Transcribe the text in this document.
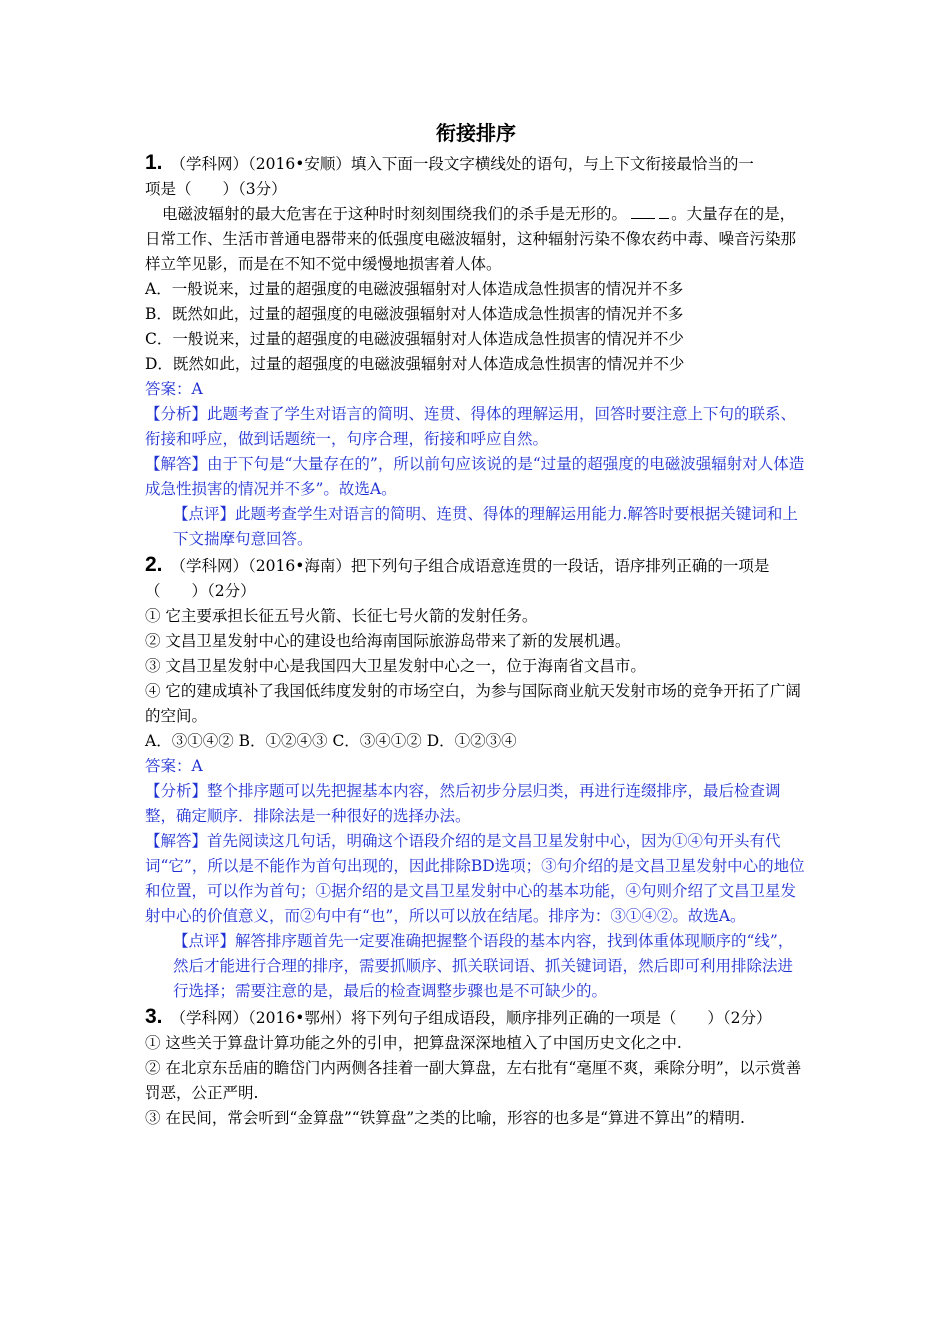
衔接排序

1. （学科网）（2016•安顺）填入下面一段文字横线处的语句，与上下文衔接最恰当的一

项是（　　）（3分）

电磁波辐射的最大危害在于这种时时刻刻围绕我们的杀手是无形的。	。大量存在的是，日常工作、生活市普通电器带来的低强度电磁波辐射，这种辐射污染不像农药中毒、噪音污染那样立竿见影，而是在不知不觉中缓慢地损害着人体。

A．一般说来，过量的超强度的电磁波强辐射对人体造成急性损害的情况并不多

B．既然如此，过量的超强度的电磁波强辐射对人体造成急性损害的情况并不多

C．一般说来，过量的超强度的电磁波强辐射对人体造成急性损害的情况并不少

D．既然如此，过量的超强度的电磁波强辐射对人体造成急性损害的情况并不少

答案：A

【分析】此题考查了学生对语言的简明、连贯、得体的理解运用，回答时要注意上下句的联系、衔接和呼应，做到话题统一，句序合理，衔接和呼应自然。

【解答】由于下句是“大量存在的”，所以前句应该说的是“过量的超强度的电磁波强辐射对人体造成急性损害的情况并不多”。故选A。

【点评】此题考查学生对语言的简明、连贯、得体的理解运用能力.解答时要根据关键词和上下文揣摩句意回答。

2. （学科网）（2016•海南）把下列句子组合成语意连贯的一段话，语序排列正确的一项是（　　）（2分）

① 它主要承担长征五号火箭、长征七号火箭的发射任务。

② 文昌卫星发射中心的建设也给海南国际旅游岛带来了新的发展机遇。

③ 文昌卫星发射中心是我国四大卫星发射中心之一，位于海南省文昌市。

④ 它的建成填补了我国低纬度发射的市场空白，为参与国际商业航天发射市场的竞争开拓了广阔的空间。

A．③①④② B．①②④③ C．③④①② D．①②③④

答案：A

【分析】整个排序题可以先把握基本内容，然后初步分层归类，再进行连缀排序，最后检查调整，确定顺序．排除法是一种很好的选择办法。

【解答】首先阅读这几句话，明确这个语段介绍的是文昌卫星发射中心，因为①④句开头有代词“它”，所以是不能作为首句出现的，因此排除BD选项；③句介绍的是文昌卫星发射中心的地位和位置，可以作为首句；①据介绍的是文昌卫星发射中心的基本功能，④句则介绍了文昌卫星发射中心的价值意义，而②句中有“也”，所以可以放在结尾。排序为：③①④②。故选A。

【点评】解答排序题首先一定要准确把握整个语段的基本内容，找到体重体现顺序的“线”，然后才能进行合理的排序，需要抓顺序、抓关联词语、抓关键词语，然后即可利用排除法进行选择；需要注意的是，最后的检查调整步骤也是不可缺少的。

3. （学科网）（2016•鄂州）将下列句子组成语段，顺序排列正确的一项是（　　）（2分）

① 这些关于算盘计算功能之外的引申，把算盘深深地植入了中国历史文化之中.

② 在北京东岳庙的瞻岱门内两侧各挂着一副大算盘，左右批有“毫厘不爽，乘除分明”，以示赏善罚恶，公正严明.

③ 在民间，常会听到“金算盘”“铁算盘”之类的比喻，形容的也多是“算进不算出”的精明.
